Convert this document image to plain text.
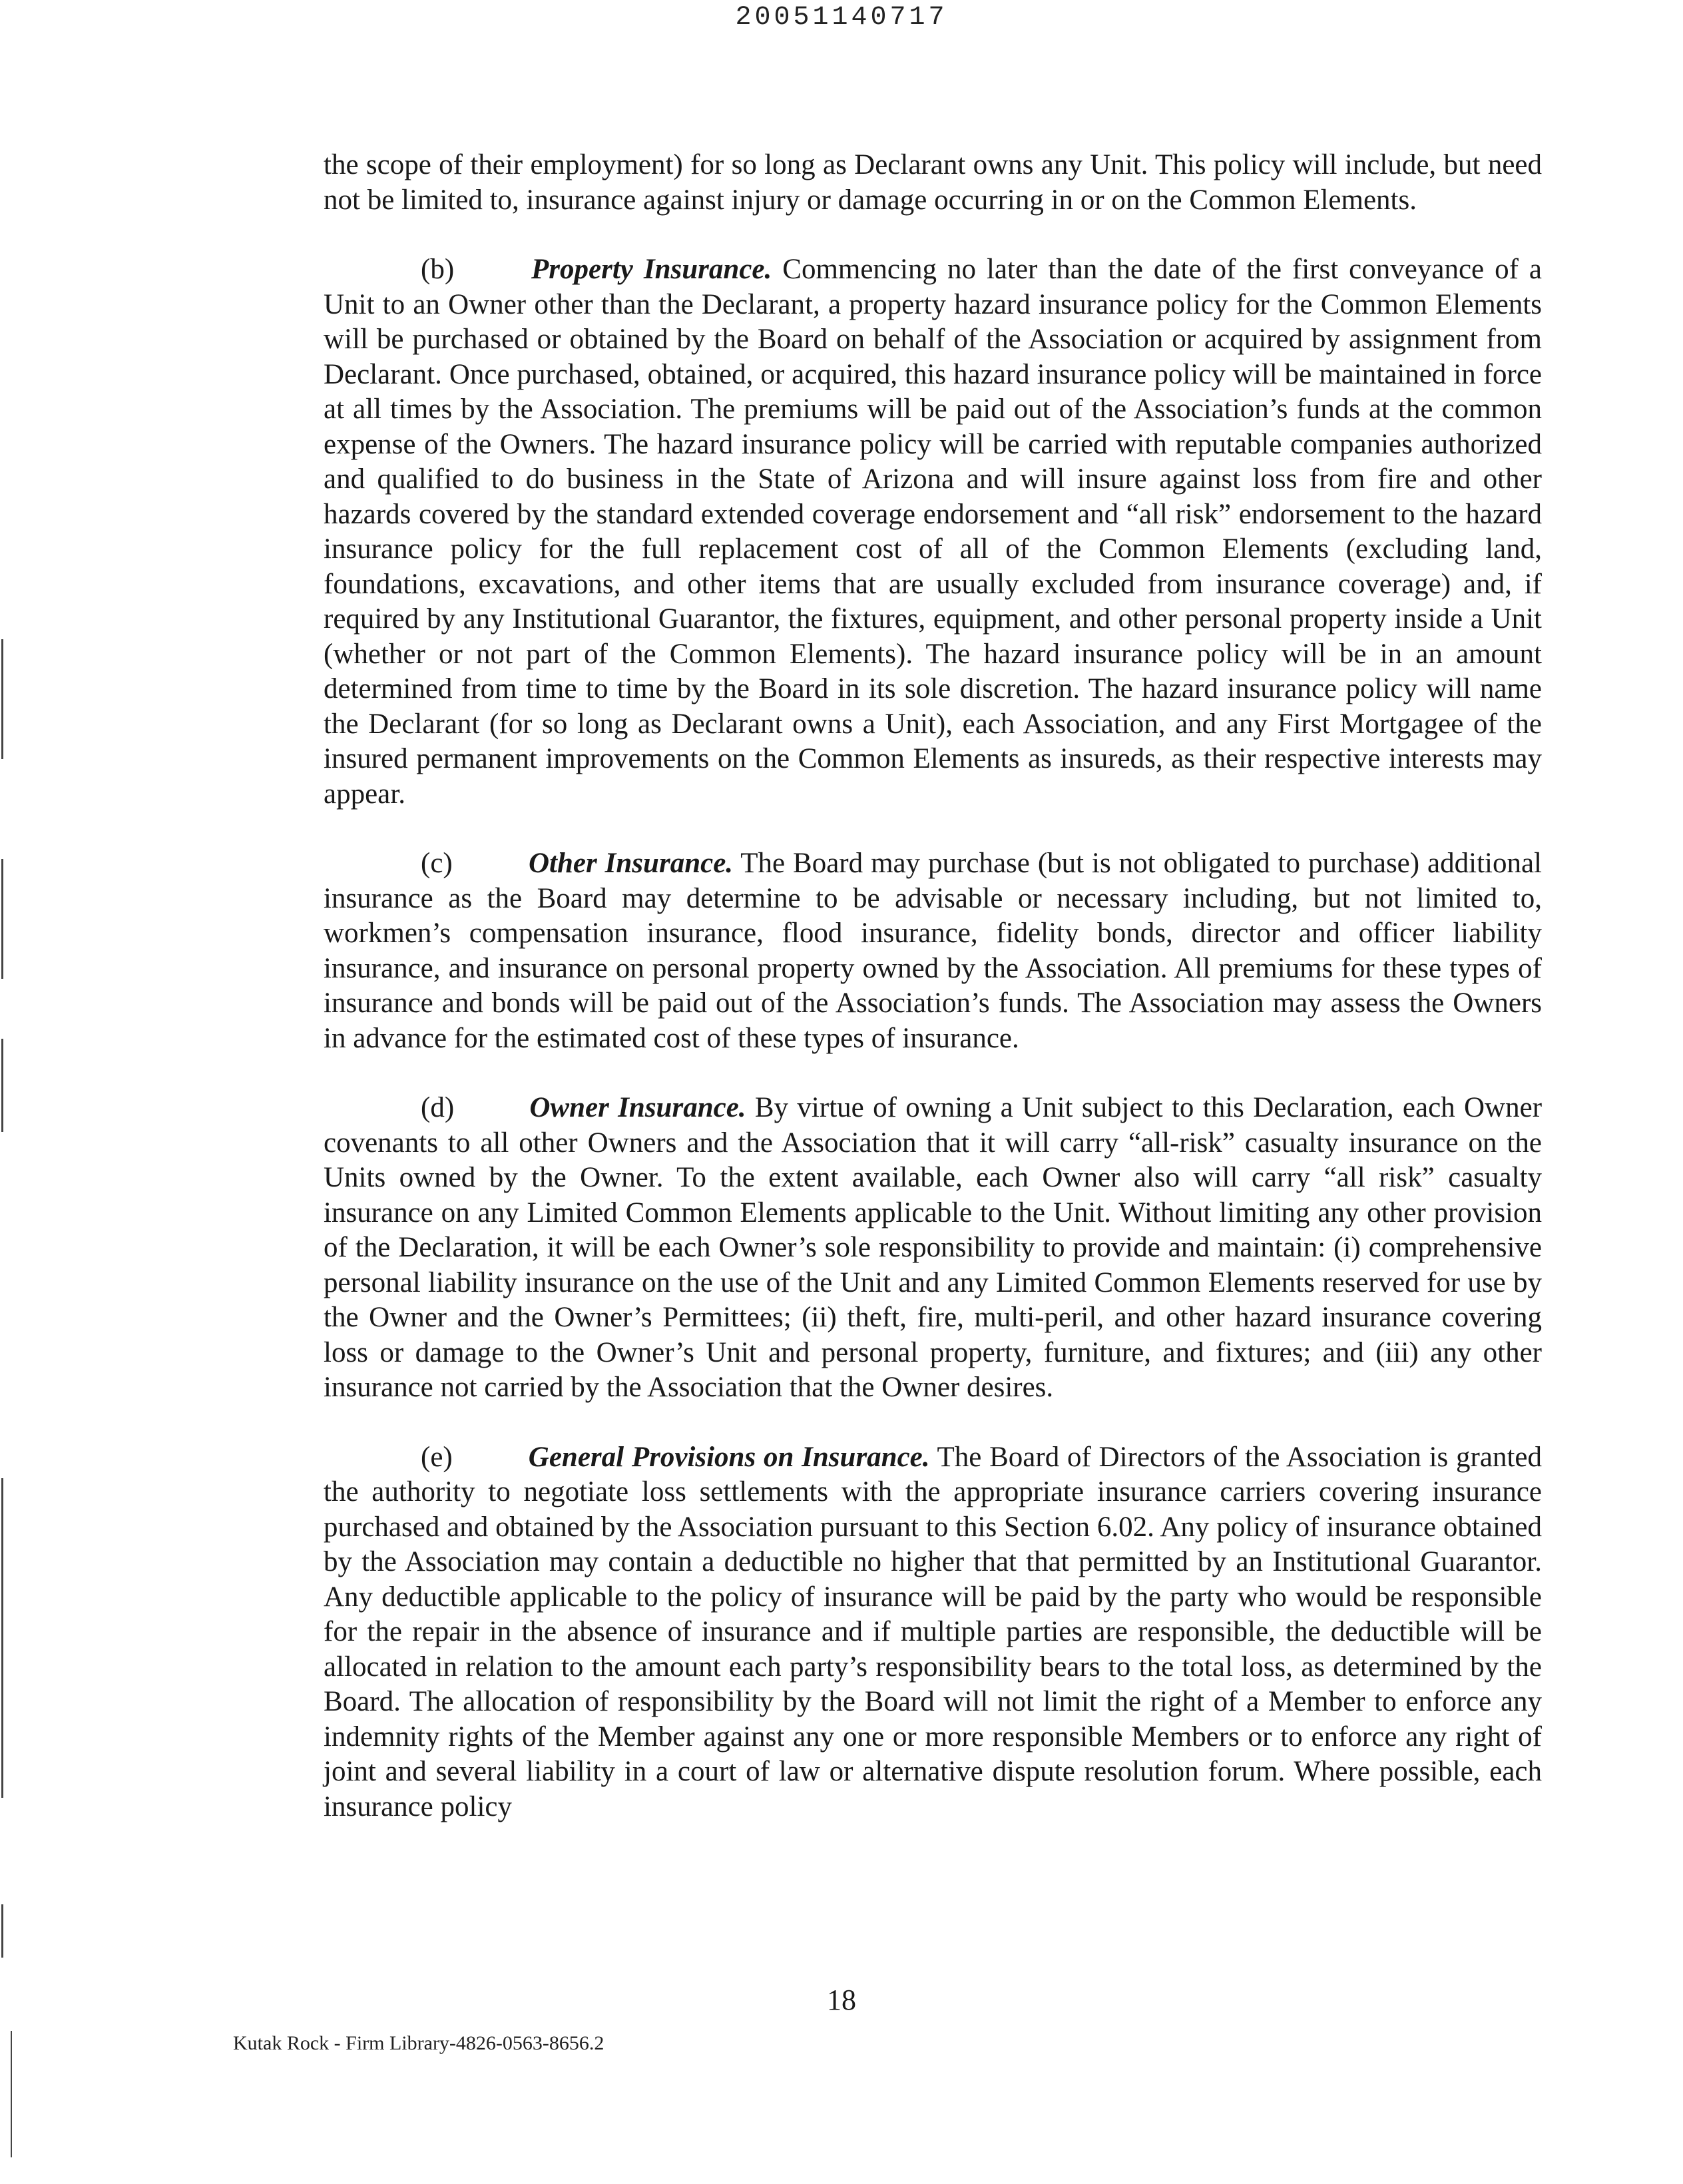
20051140717

the scope of their employment) for so long as Declarant owns any Unit. This policy will include, but need not be limited to, insurance against injury or damage occurring in or on the Common Elements.

(b)	Property Insurance. Commencing no later than the date of the first conveyance of a Unit to an Owner other than the Declarant, a property hazard insurance policy for the Common Elements will be purchased or obtained by the Board on behalf of the Association or acquired by assignment from Declarant. Once purchased, obtained, or acquired, this hazard insurance policy will be maintained in force at all times by the Association. The premiums will be paid out of the Association’s funds at the common expense of the Owners. The hazard insurance policy will be carried with reputable companies authorized and qualified to do business in the State of Arizona and will insure against loss from fire and other hazards covered by the standard extended coverage endorsement and “all risk” endorsement to the hazard insurance policy for the full replacement cost of all of the Common Elements (excluding land, foundations, excavations, and other items that are usually excluded from insurance coverage) and, if required by any Institutional Guarantor, the fixtures, equipment, and other personal property inside a Unit (whether or not part of the Common Elements). The hazard insurance policy will be in an amount determined from time to time by the Board in its sole discretion. The hazard insurance policy will name the Declarant (for so long as Declarant owns a Unit), each Association, and any First Mortgagee of the insured permanent improvements on the Common Elements as insureds, as their respective interests may appear.

(c)	Other Insurance. The Board may purchase (but is not obligated to purchase) additional insurance as the Board may determine to be advisable or necessary including, but not limited to, workmen’s compensation insurance, flood insurance, fidelity bonds, director and officer liability insurance, and insurance on personal property owned by the Association. All premiums for these types of insurance and bonds will be paid out of the Association’s funds. The Association may assess the Owners in advance for the estimated cost of these types of insurance.

(d)	Owner Insurance. By virtue of owning a Unit subject to this Declaration, each Owner covenants to all other Owners and the Association that it will carry “all-risk” casualty insurance on the Units owned by the Owner. To the extent available, each Owner also will carry “all risk” casualty insurance on any Limited Common Elements applicable to the Unit. Without limiting any other provision of the Declaration, it will be each Owner’s sole responsibility to provide and maintain: (i) comprehensive personal liability insurance on the use of the Unit and any Limited Common Elements reserved for use by the Owner and the Owner’s Permittees; (ii) theft, fire, multi-peril, and other hazard insurance covering loss or damage to the Owner’s Unit and personal property, furniture, and fixtures; and (iii) any other insurance not carried by the Association that the Owner desires.

(e)	General Provisions on Insurance. The Board of Directors of the Association is granted the authority to negotiate loss settlements with the appropriate insurance carriers covering insurance purchased and obtained by the Association pursuant to this Section 6.02. Any policy of insurance obtained by the Association may contain a deductible no higher that that permitted by an Institutional Guarantor. Any deductible applicable to the policy of insurance will be paid by the party who would be responsible for the repair in the absence of insurance and if multiple parties are responsible, the deductible will be allocated in relation to the amount each party’s responsibility bears to the total loss, as determined by the Board. The allocation of responsibility by the Board will not limit the right of a Member to enforce any indemnity rights of the Member against any one or more responsible Members or to enforce any right of joint and several liability in a court of law or alternative dispute resolution forum. Where possible, each insurance policy

18
Kutak Rock - Firm Library-4826-0563-8656.2
